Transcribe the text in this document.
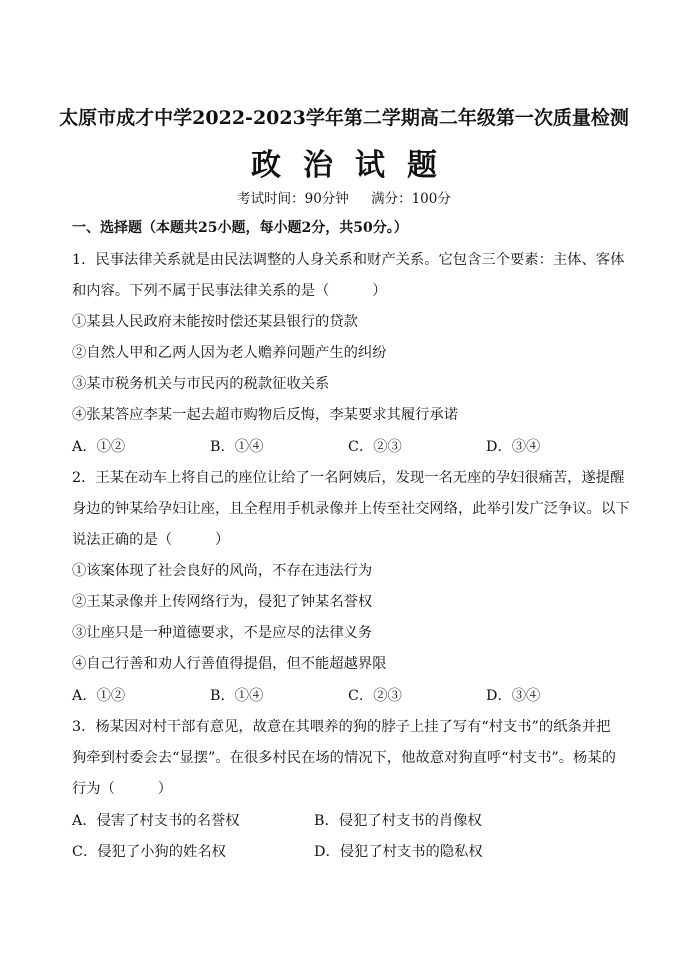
太原市成才中学2022-2023学年第二学期高二年级第一次质量检测
政治试题
考试时间：90分钟 满分：100分
一、选择题（本题共25小题，每小题2分，共50分。）
1．民事法律关系就是由民法调整的人身关系和财产关系。它包含三个要素：主体、客体
和内容。下列不属于民事法律关系的是（　　　）
①某县人民政府未能按时偿还某县银行的贷款
②自然人甲和乙两人因为老人赡养问题产生的纠纷
③某市税务机关与市民丙的税款征收关系
④张某答应李某一起去超市购物后反悔，李某要求其履行承诺
A．①②	B．①④	C．②③	D．③④
2．王某在动车上将自己的座位让给了一名阿姨后，发现一名无座的孕妇很痛苦，遂提醒
身边的钟某给孕妇让座，且全程用手机录像并上传至社交网络，此举引发广泛争议。以下
说法正确的是（　　　）
①该案体现了社会良好的风尚，不存在违法行为
②王某录像并上传网络行为，侵犯了钟某名誉权
③让座只是一种道德要求，不是应尽的法律义务
④自己行善和劝人行善值得提倡，但不能超越界限
A．①②	B．①④	C．②③	D．③④
3．杨某因对村干部有意见，故意在其喂养的狗的脖子上挂了写有“村支书”的纸条并把
狗牵到村委会去“显摆”。在很多村民在场的情况下，他故意对狗直呼“村支书”。杨某的
行为（　　　）
A．侵害了村支书的名誉权	B．侵犯了村支书的肖像权
C．侵犯了小狗的姓名权	D．侵犯了村支书的隐私权
